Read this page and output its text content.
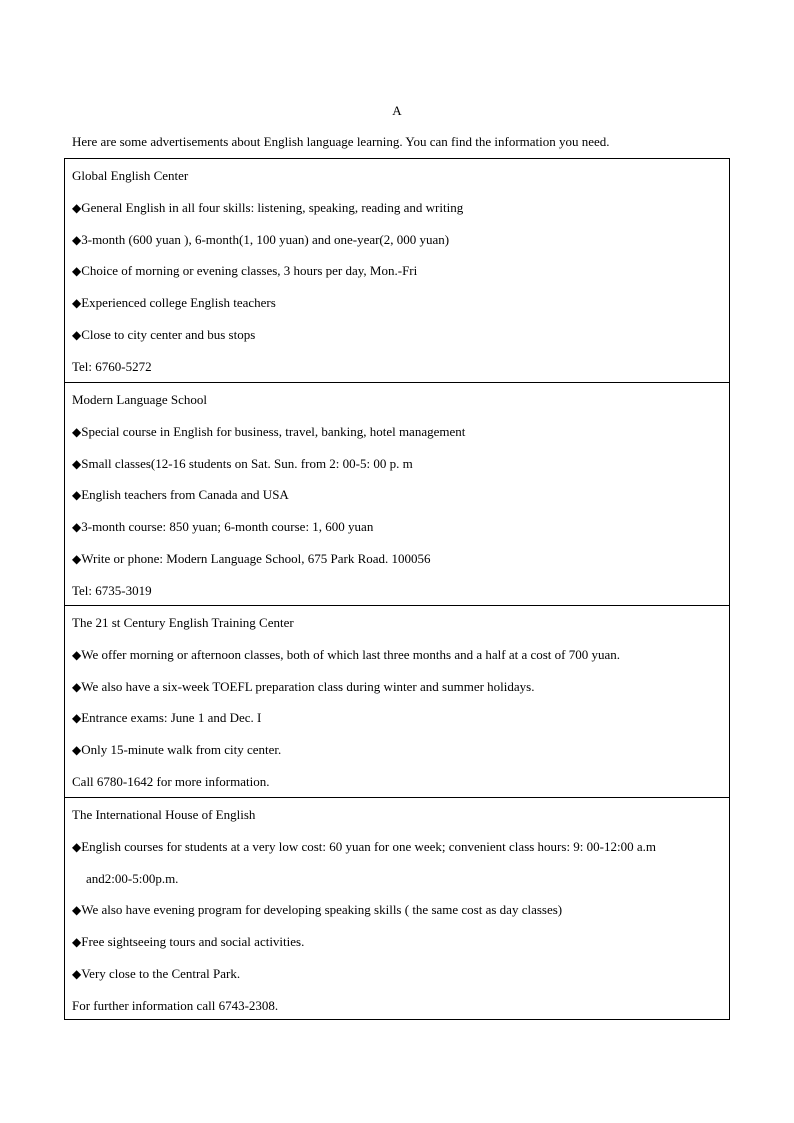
A
Here are some advertisements about English language learning. You can find the information you need.
Global English Center
◆General English in all four skills: listening, speaking, reading and writing
◆3-month (600 yuan ), 6-month(1, 100 yuan) and one-year(2, 000 yuan)
◆Choice of morning or evening classes, 3 hours per day, Mon.-Fri
◆Experienced college English teachers
◆Close to city center and bus stops
Tel: 6760-5272
Modern Language School
◆Special course in English for business, travel, banking, hotel management
◆Small classes(12-16 students on Sat. Sun. from 2: 00-5: 00 p. m
◆English teachers from Canada and USA
◆3-month course: 850 yuan; 6-month course: 1, 600 yuan
◆Write or phone: Modern Language School, 675 Park Road. 100056
Tel: 6735-3019
The 21 st Century English Training Center
◆We offer morning or afternoon classes, both of which last three months and a half at a cost of 700 yuan.
◆We also have a six-week TOEFL preparation class during winter and summer holidays.
◆Entrance exams: June 1 and Dec. I
◆Only 15-minute walk from city center.
Call 6780-1642 for more information.
The International House of English
◆English courses for students at a very low cost: 60 yuan for one week; convenient class hours: 9: 00-12:00 a.m
and2:00-5:00p.m.
◆We also have evening program for developing speaking skills ( the same cost as day classes)
◆Free sightseeing tours and social activities.
◆Very close to the Central Park.
For further information call 6743-2308.
